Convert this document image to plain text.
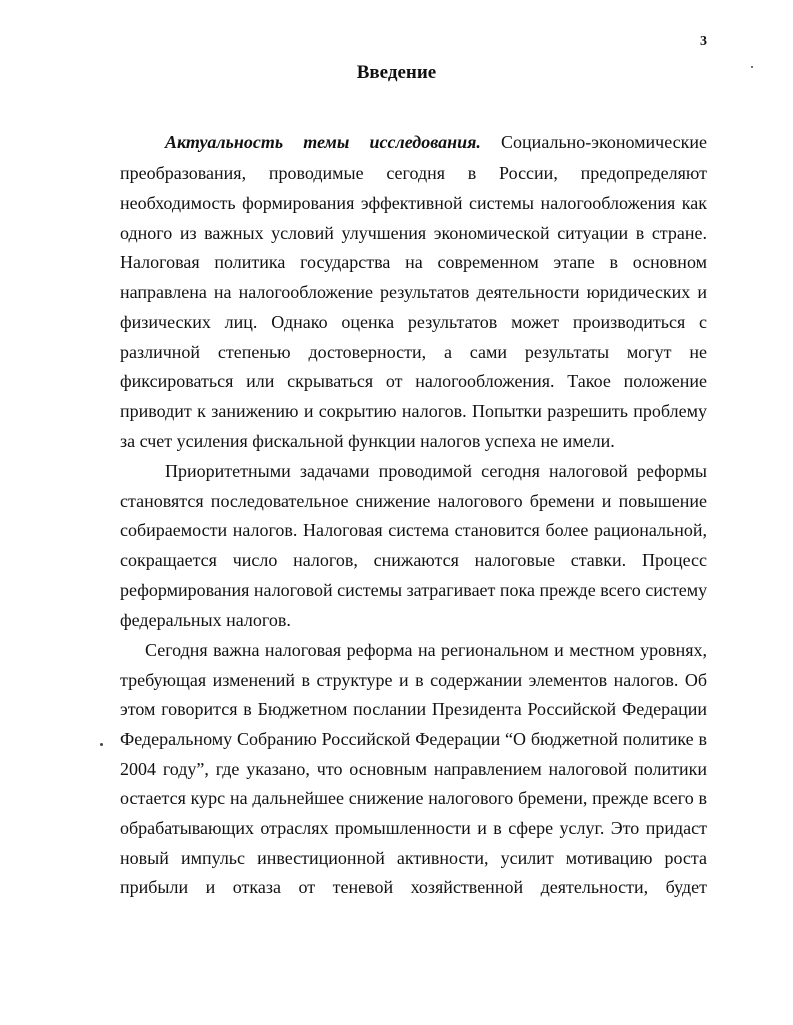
3
Введение
Актуальность темы исследования. Социально-экономические
преобразования, проводимые сегодня в России, предопределяют
необходимость формирования эффективной системы налогообложения как
одного из важных условий улучшения экономической ситуации в стране.
Налоговая политика государства на современном этапе в основном
направлена на налогообложение результатов деятельности юридических и
физических лиц. Однако оценка результатов может производиться с
различной степенью достоверности, а сами результаты могут не
фиксироваться или скрываться от налогообложения. Такое положение
приводит к занижению и сокрытию налогов. Попытки разрешить проблему
за счет усиления фискальной функции налогов успеха не имели.
Приоритетными задачами проводимой сегодня налоговой реформы
становятся последовательное снижение налогового бремени и повышение
собираемости налогов. Налоговая система становится более рациональной,
сокращается число налогов, снижаются налоговые ставки. Процесс
реформирования налоговой системы затрагивает пока прежде всего систему
федеральных налогов.
Сегодня важна налоговая реформа на региональном и местном уровнях,
требующая изменений в структуре и в содержании элементов налогов. Об
этом говорится в Бюджетном послании Президента Российской Федерации
Федеральному Собранию Российской Федерации “О бюджетной политике в
2004 году”, где указано, что основным направлением налоговой политики
остается курс на дальнейшее снижение налогового бремени, прежде всего в
обрабатывающих отраслях промышленности и в сфере услуг. Это придаст
новый импульс инвестиционной активности, усилит мотивацию роста
прибыли и отказа от теневой хозяйственной деятельности, будет
